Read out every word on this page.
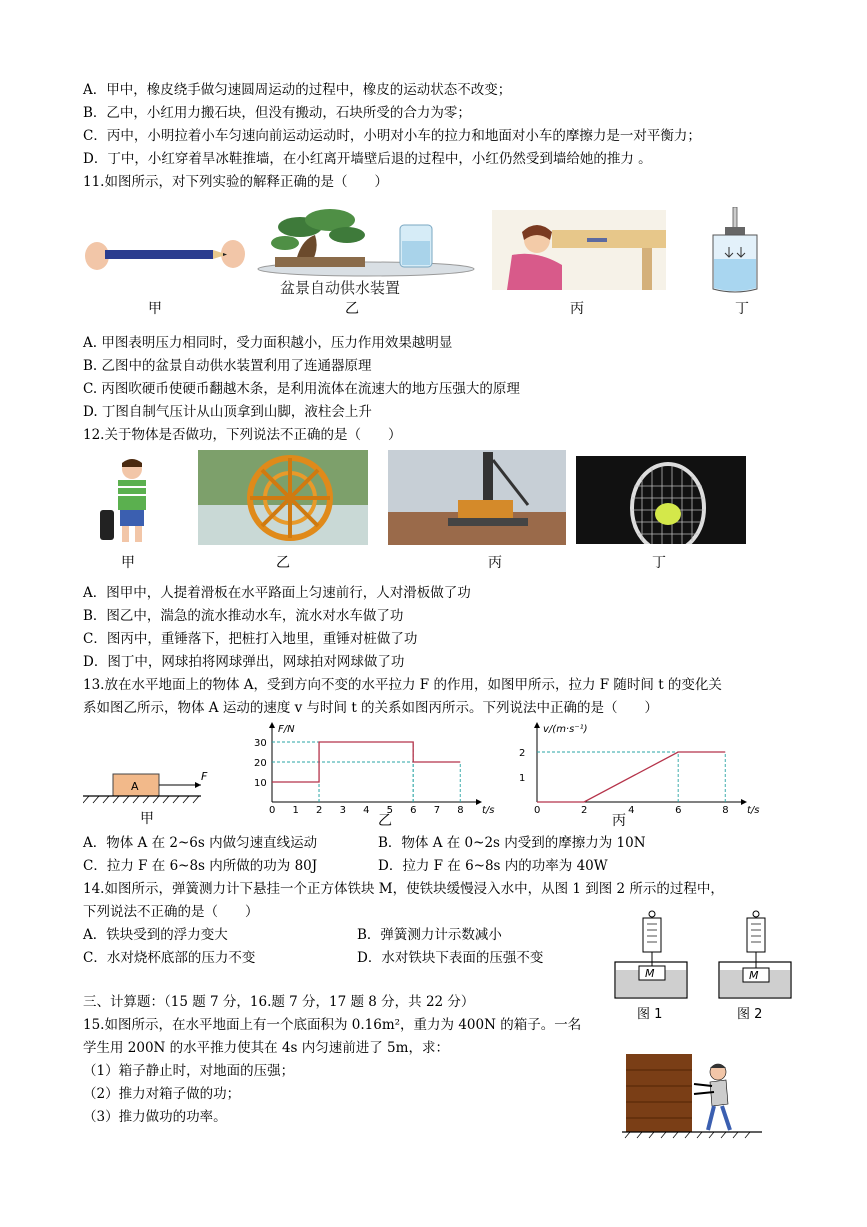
A．甲中，橡皮绕手做匀速圆周运动的过程中，橡皮的运动状态不改变；
B．乙中，小红用力搬石块，但没有搬动，石块所受的合力为零；
C．丙中，小明拉着小车匀速向前运动运动时，小明对小车的拉力和地面对小车的摩擦力是一对平衡力；
D．丁中，小红穿着旱冰鞋推墙，在小红离开墙壁后退的过程中，小红仍然受到墙给她的推力 。
11.如图所示，对下列实验的解释正确的是（　　）
甲
盆景自动供水装置
乙	丙	丁
A. 甲图表明压力相同时，受力面积越小，压力作用效果越明显
B. 乙图中的盆景自动供水装置利用了连通器原理
C. 丙图吹硬币使硬币翻越木条，是利用流体在流速大的地方压强大的原理
D. 丁图自制气压计从山顶拿到山脚，液柱会上升
12.关于物体是否做功，下列说法不正确的是（　　）
甲	乙	丙	丁
A．图甲中，人提着滑板在水平路面上匀速前行，人对滑板做了功
B．图乙中，湍急的流水推动水车，流水对水车做了功
C．图丙中，重锤落下，把桩打入地里，重锤对桩做了功
D．图丁中，网球拍将网球弹出，网球拍对网球做了功
13.放在水平地面上的物体 A，受到方向不变的水平拉力 F 的作用，如图甲所示，拉力 F 随时间 t 的变化关
系如图乙所示，物体 A 运动的速度 v 与时间 t 的关系如图丙所示。下列说法中正确的是（　　）
A
F
甲
F/N
t/s
0 1 2 3 4 5 6 7 8
10
20
30
乙
v/(m·s⁻¹)
t/s
0	2	4	6	8
1
2
丙
A．物体 A 在 2~6s 内做匀速直线运动	B．物体 A 在 0~2s 内受到的摩擦力为 10N
C．拉力 F 在 6~8s 内所做的功为 80J	D．拉力 F 在 6~8s 内的功率为 40W
14.如图所示，弹簧测力计下悬挂一个正方体铁块 M，使铁块缓慢浸入水中，从图 1 到图 2 所示的过程中，
下列说法不正确的是（　　）
A．铁块受到的浮力变大	B．弹簧测力计示数减小
C．水对烧杯底部的压力不变	D．水对铁块下表面的压强不变
M
图 1
M
图 2
三、计算题：（15 题 7 分，16.题 7 分，17 题 8 分，共 22 分）
15.如图所示，在水平地面上有一个底面积为 0.16m²，重力为 400N 的箱子。一名
学生用 200N 的水平推力使其在 4s 内匀速前进了 5m，求：
（1）箱子静止时，对地面的压强；
（2）推力对箱子做的功；
（3）推力做功的功率。
